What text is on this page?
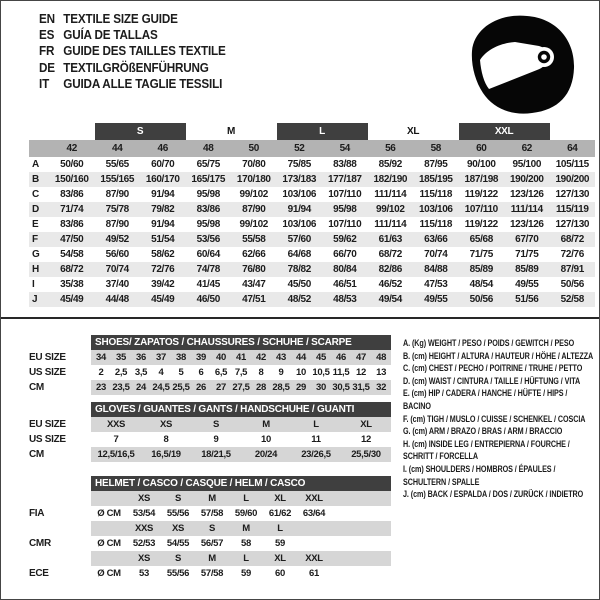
EN TEXTILE SIZE GUIDE
ES GUÍA DE TALLAS
FR GUIDE DES TAILLES TEXTILE
DE TEXTILGRÖßENFÜHRUNG
IT	GUIDA ALLE TAGLIE TESSILI
		S		M		L		XL		XXL		
	42	44	46	48	50	52	54	56	58	60	62	64
A	50/60	55/65	60/70	65/75	70/80	75/85	83/88	85/92	87/95	90/100	95/100	105/115
B	150/160	155/165	160/170	165/175	170/180	173/183	177/187	182/190	185/195	187/198	190/200	190/200
C	83/86	87/90	91/94	95/98	99/102	103/106	107/110	111/114	115/118	119/122	123/126	127/130
D	71/74	75/78	79/82	83/86	87/90	91/94	95/98	99/102	103/106	107/110	111/114	115/119
E	83/86	87/90	91/94	95/98	99/102	103/106	107/110	111/114	115/118	119/122	123/126	127/130
F	47/50	49/52	51/54	53/56	55/58	57/60	59/62	61/63	63/66	65/68	67/70	68/72
G	54/58	56/60	58/62	60/64	62/66	64/68	66/70	68/72	70/74	71/75	71/75	72/76
H	68/72	70/74	72/76	74/78	76/80	78/82	80/84	82/86	84/88	85/89	85/89	87/91
I	35/38	37/40	39/42	41/45	43/47	45/50	46/51	46/52	47/53	48/54	49/55	50/56
J	45/49	44/48	45/49	46/50	47/51	48/52	48/53	49/54	49/55	50/56	51/56	52/58
	SHOES/ ZAPATOS / CHAUSSURES / SCHUHE / SCARPE														
EU SIZE	34	35	36	37	38	39	40	41	42	43	44	45	46	47	48
US SIZE	2	2,5	3,5	4	5	6	6,5	7,5	8	9	10	10,5	11,5	12	13
CM	23	23,5	24	24,5	25,5	26	27	27,5	28	28,5	29	30	30,5	31,5	32
	GLOVES / GUANTES / GANTS / HANDSCHUHE / GUANTI					
EU SIZE	XXS	XS	S	M	L	XL
US SIZE	7	8	9	10	11	12
CM	12,5/16,5	16,5/19	18/21,5	20/24	23/26,5	25,5/30
	HELMET / CASCO / CASQUE / HELM / CASCO							
		XS	S	M	L	XL	XXL	
FIA	Ø CM	53/54	55/56	57/58	59/60	61/62	63/64	
		XXS	XS	S	M	L		
CMR	Ø CM	52/53	54/55	56/57	58	59		
		XS	S	M	L	XL	XXL	
ECE	Ø CM	53	55/56	57/58	59	60	61	
A. (Kg) WEIGHT / PESO / POIDS / GEWITCH / PESO
B. (cm) HEIGHT / ALTURA / HAUTEUR / HÖHE / ALTEZZA
C. (cm) CHEST / PECHO / POITRINE / TRUHE / PETTO
D. (cm) WAIST / CINTURA / TAILLE / HÜFTUNG / VITA
E. (cm) HIP / CADERA / HANCHE / HÜFTE / HIPS / BACINO
F. (cm) TIGH / MUSLO / CUISSE / SCHENKEL / COSCIA
G. (cm) ARM / BRAZO / BRAS / ARM / BRACCIO
H. (cm) INSIDE LEG / ENTREPIERNA / FOURCHE / SCHRITT / FORCELLA
I. (cm) SHOULDERS / HOMBROS / ÉPAULES / SCHULTERN / SPALLE
J. (cm) BACK / ESPALDA / DOS / ZURÜCK / INDIETRO
